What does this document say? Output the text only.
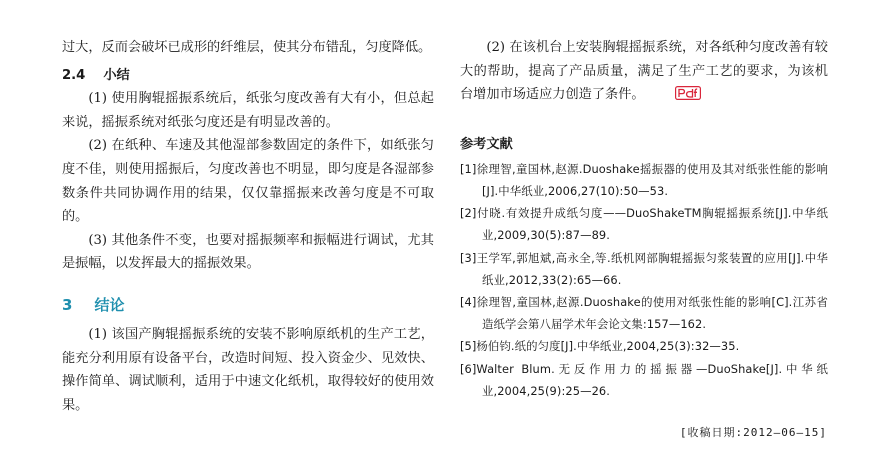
过大，反而会破坏已成形的纤维层，使其分布错乱，匀度降低。

2.4 小结

(1) 使用胸辊摇振系统后，纸张匀度改善有大有小，但总起来说，摇振系统对纸张匀度还是有明显改善的。

(2) 在纸种、车速及其他湿部参数固定的条件下，如纸张匀度不佳，则使用摇振后，匀度改善也不明显，即匀度是各湿部参数条件共同协调作用的结果，仅仅靠摇振来改善匀度是不可取的。

(3) 其他条件不变，也要对摇振频率和振幅进行调试，尤其是振幅，以发挥最大的摇振效果。

3 结论

(1) 该国产胸辊摇振系统的安装不影响原纸机的生产工艺，能充分利用原有设备平台，改造时间短、投入资金少、见效快、操作简单、调试顺利，适用于中速文化纸机，取得较好的使用效果。

(2) 在该机台上安装胸辊摇振系统，对各纸种匀度改善有较大的帮助，提高了产品质量，满足了生产工艺的要求，为该机台增加市场适应力创造了条件。

参考文献

[1]徐理智,童国林,赵源.Duoshake摇振器的使用及其对纸张性能的影响[J].中华纸业,2006,27(10):50—53.

[2]付晓.有效提升成纸匀度——DuoShakeTM胸辊摇振系统[J].中华纸业,2009,30(5):87—89.

[3]王学军,郭旭斌,高永全,等.纸机网部胸辊摇振匀浆装置的应用[J].中华纸业,2012,33(2):65—66.

[4]徐理智,童国林,赵源.Duoshake的使用对纸张性能的影响[C].江苏省造纸学会第八届学术年会论文集:157—162.

[5]杨伯钧.纸的匀度[J].中华纸业,2004,25(3):32—35.

[6]Walter Blum.无反作用力的摇振器—DuoShake[J].中华纸业,2004,25(9):25—26.

[收稿日期:2012—06—15]
